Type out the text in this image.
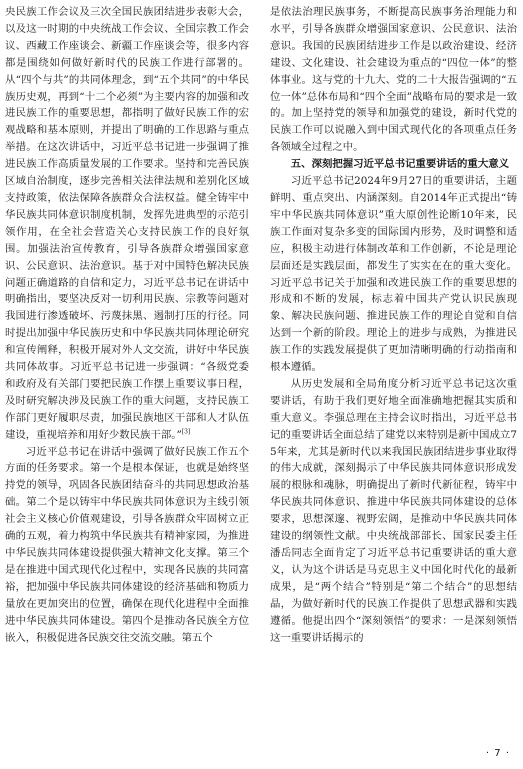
央民族工作会议及三次全国民族团结进步表彰大会，以及这一时期的中央统战工作会议、全国宗教工作会议、西藏工作座谈会、新疆工作座谈会等，很多内容都是围绕如何做好新时代的民族工作进行部署的。从“四个与共”的共同体理念，到“五个共同”的中华民族历史观，再到“十二个必须”为主要内容的加强和改进民族工作的重要思想，都指明了做好民族工作的宏观战略和基本原则，并提出了明确的工作思路与重点举措。在这次讲话中，习近平总书记进一步强调了推进民族工作高质量发展的工作要求。坚持和完善民族区域自治制度，逐步完善相关法律法规和差别化区域支持政策，依法保障各族群众合法权益。健全铸牢中华民族共同体意识制度机制，发挥先进典型的示范引领作用，在全社会营造关心支持民族工作的良好氛围。加强法治宣传教育，引导各族群众增强国家意识、公民意识、法治意识。基于对中国特色解决民族问题正确道路的自信和定力，习近平总书记在讲话中明确指出，要坚决反对一切利用民族、宗教等问题对我国进行渗透破坏、污蔑抹黑、遏制打压的行径。同时提出加强中华民族历史和中华民族共同体理论研究和宣传阐释，积极开展对外人文交流，讲好中华民族共同体故事。习近平总书记进一步强调：“各级党委和政府及有关部门要把民族工作摆上重要议事日程，及时研究解决涉及民族工作的重大问题，支持民族工作部门更好履职尽责，加强民族地区干部和人才队伍建设，重视培养和用好少数民族干部。”[3]

习近平总书记在讲话中强调了做好民族工作五个方面的任务要求。第一个是根本保证，也就是始终坚持党的领导，巩固各民族团结奋斗的共同思想政治基础。第二个是以铸牢中华民族共同体意识为主线引领社会主义核心价值观建设，引导各族群众牢固树立正确的五观，着力构筑中华民族共有精神家园，为推进中华民族共同体建设提供强大精神文化支撑。第三个是在推进中国式现代化过程中，实现各民族的共同富裕，把加强中华民族共同体建设的经济基础和物质力量放在更加突出的位置，确保在现代化进程中全面推进中华民族共同体建设。第四个是推动各民族全方位嵌入，积极促进各民族交往交流交融。第五个

是依法治理民族事务，不断提高民族事务治理能力和水平，引导各族群众增强国家意识、公民意识、法治意识。我国的民族团结进步工作是以政治建设、经济建设、文化建设、社会建设为重点的“四位一体”的整体事业。这与党的十九大、党的二十大报告强调的“五位一体”总体布局和“四个全面”战略布局的要求是一致的。加上坚持党的领导和加强党的建设，新时代党的民族工作可以说融入到中国式现代化的各项重点任务各领域全过程之中。

五、深刻把握习近平总书记重要讲话的重大意义

习近平总书记2024年9月27日的重要讲话，主题鲜明、重点突出、内涵深刻。自2014年正式提出“铸牢中华民族共同体意识”重大原创性论断10年来，民族工作面对复杂多变的国际国内形势，及时调整和适应，积极主动进行体制改革和工作创新，不论是理论层面还是实践层面，都发生了实实在在的重大变化。习近平总书记关于加强和改进民族工作的重要思想的形成和不断的发展，标志着中国共产党认识民族现象、解决民族问题、推进民族工作的理论自觉和自信达到一个新的阶段。理论上的进步与成熟，为推进民族工作的实践发展提供了更加清晰明确的行动指南和根本遵循。

从历史发展和全局角度分析习近平总书记这次重要讲话，有助于我们更好地全面准确地把握其实质和重大意义。李强总理在主持会议时指出，习近平总书记的重要讲话全面总结了建党以来特别是新中国成立75年来，尤其是新时代以来我国民族团结进步事业取得的伟大成就，深刻揭示了中华民族共同体意识形成发展的根脉和魂脉，明确提出了新时代新征程，铸牢中华民族共同体意识、推进中华民族共同体建设的总体要求，思想深邃、视野宏阔，是推动中华民族共同体建设的纲领性文献。中央统战部部长、国家民委主任潘岳同志全面肯定了习近平总书记重要讲话的重大意义，认为这个讲话是马克思主义中国化时代化的最新成果，是“两个结合”特别是“第二个结合”的思想结晶，为做好新时代的民族工作提供了思想武器和实践遵循。他提出四个“深刻领悟”的要求：一是深刻领悟这一重要讲话揭示的

· 7 ·
